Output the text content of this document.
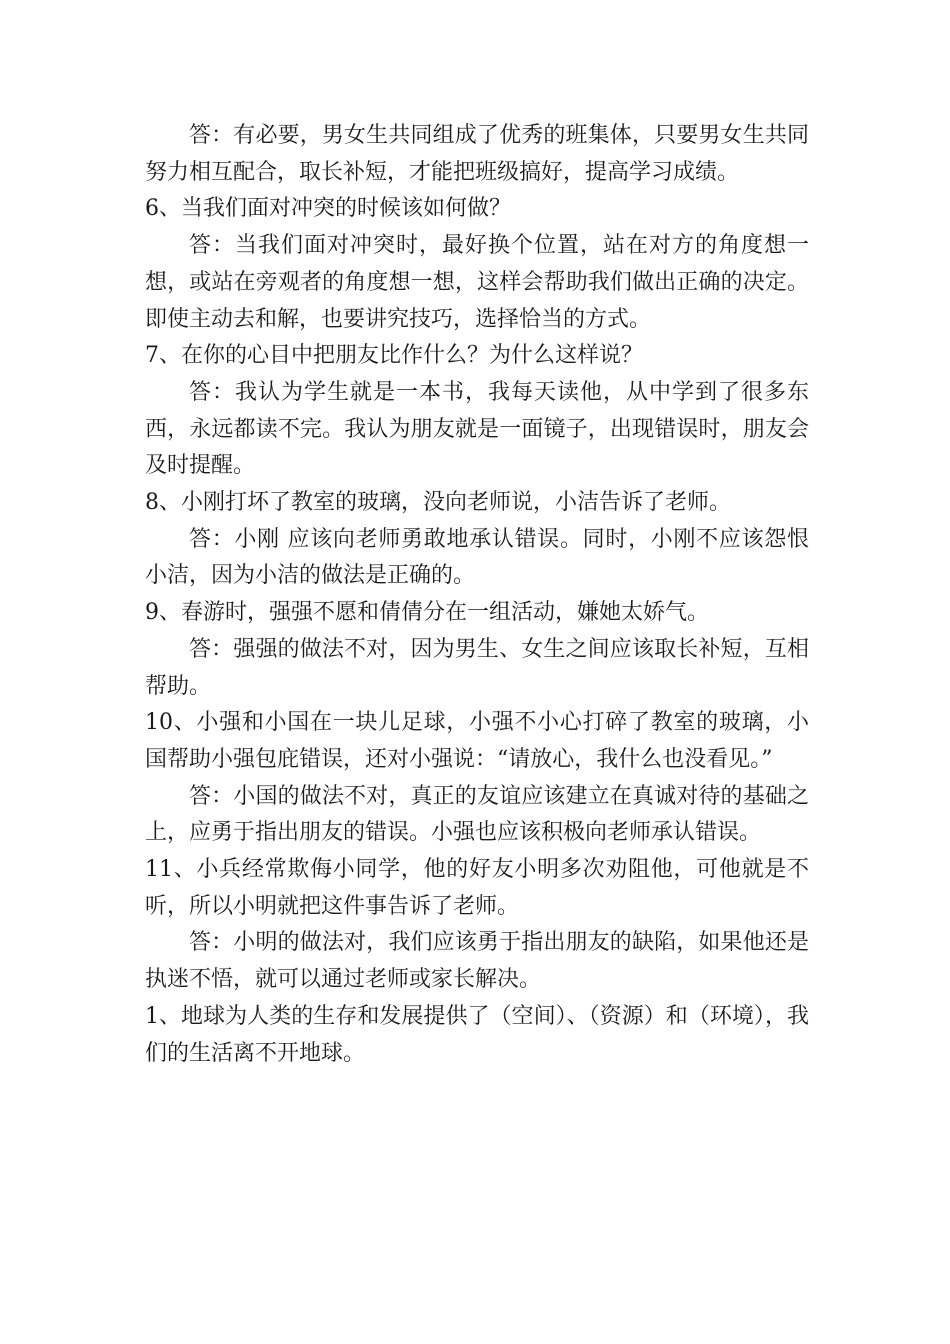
答：有必要，男女生共同组成了优秀的班集体，只要男女生共同努力相互配合，取长补短，才能把班级搞好，提高学习成绩。

6、当我们面对冲突的时候该如何做？

答：当我们面对冲突时，最好换个位置，站在对方的角度想一想，或站在旁观者的角度想一想，这样会帮助我们做出正确的决定。即使主动去和解，也要讲究技巧，选择恰当的方式。

7、在你的心目中把朋友比作什么？为什么这样说？

答：我认为学生就是一本书，我每天读他，从中学到了很多东西，永远都读不完。我认为朋友就是一面镜子，出现错误时，朋友会及时提醒。

8、小刚打坏了教室的玻璃，没向老师说，小洁告诉了老师。

答：小刚 应该向老师勇敢地承认错误。同时，小刚不应该怨恨小洁，因为小洁的做法是正确的。

9、春游时，强强不愿和倩倩分在一组活动，嫌她太娇气。

答：强强的做法不对，因为男生、女生之间应该取长补短，互相帮助。

10、小强和小国在一块儿足球，小强不小心打碎了教室的玻璃，小国帮助小强包庇错误，还对小强说：“请放心，我什么也没看见。”

答：小国的做法不对，真正的友谊应该建立在真诚对待的基础之上，应勇于指出朋友的错误。小强也应该积极向老师承认错误。

11、小兵经常欺侮小同学，他的好友小明多次劝阻他，可他就是不听，所以小明就把这件事告诉了老师。

答：小明的做法对，我们应该勇于指出朋友的缺陷，如果他还是执迷不悟，就可以通过老师或家长解决。

1、地球为人类的生存和发展提供了（空间）、（资源）和（环境），我们的生活离不开地球。
